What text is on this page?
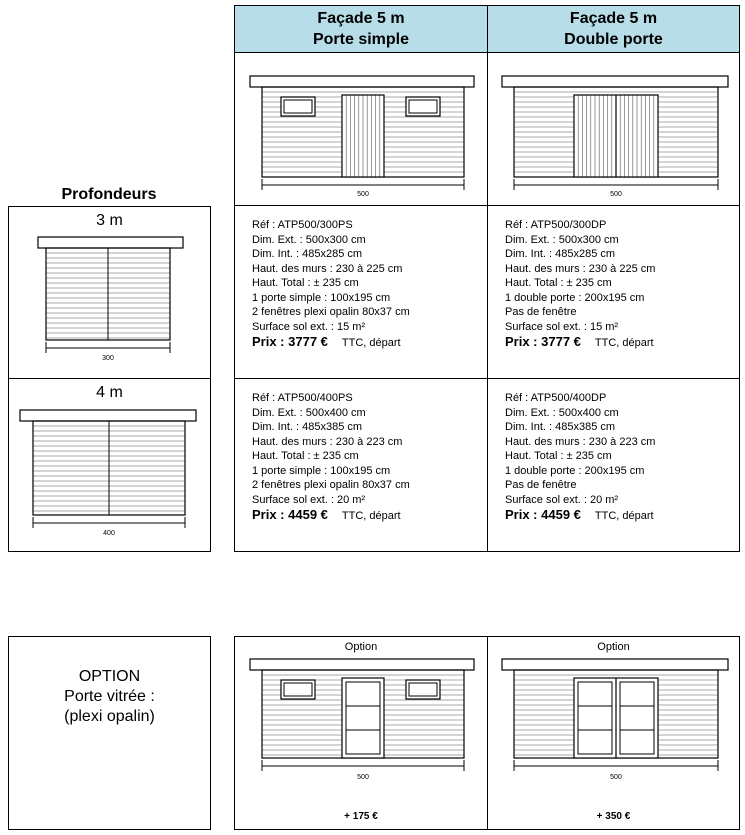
Façade 5 m
Porte simple
Façade 5 m
Double porte
500	500
Profondeurs
3 m
300
4 m
400
Réf : ATP500/300PS
Dim. Ext. : 500x300 cm
Dim. Int. : 485x285 cm
Haut. des murs : 230 à 225 cm
Haut. Total : ± 235 cm
1 porte simple : 100x195 cm
2 fenêtres plexi opalin 80x37 cm
Surface sol ext. : 15 m²
Prix : 3777 € TTC, départ
Réf : ATP500/300DP
Dim. Ext. : 500x300 cm
Dim. Int. : 485x285 cm
Haut. des murs : 230 à 225 cm
Haut. Total : ± 235 cm
1 double porte : 200x195 cm
Pas de fenêtre
Surface sol ext. : 15 m²
Prix : 3777 € TTC, départ
Réf : ATP500/400PS
Dim. Ext. : 500x400 cm
Dim. Int. : 485x385 cm
Haut. des murs : 230 à 223 cm
Haut. Total : ± 235 cm
1 porte simple : 100x195 cm
2 fenêtres plexi opalin 80x37 cm
Surface sol ext. : 20 m²
Prix : 4459 € TTC, départ
Réf : ATP500/400DP
Dim. Ext. : 500x400 cm
Dim. Int. : 485x385 cm
Haut. des murs : 230 à 223 cm
Haut. Total : ± 235 cm
1 double porte : 200x195 cm
Pas de fenêtre
Surface sol ext. : 20 m²
Prix : 4459 € TTC, départ
OPTION
Porte vitrée :
(plexi opalin)
Option
500
+ 175 €
Option
500
+ 350 €
